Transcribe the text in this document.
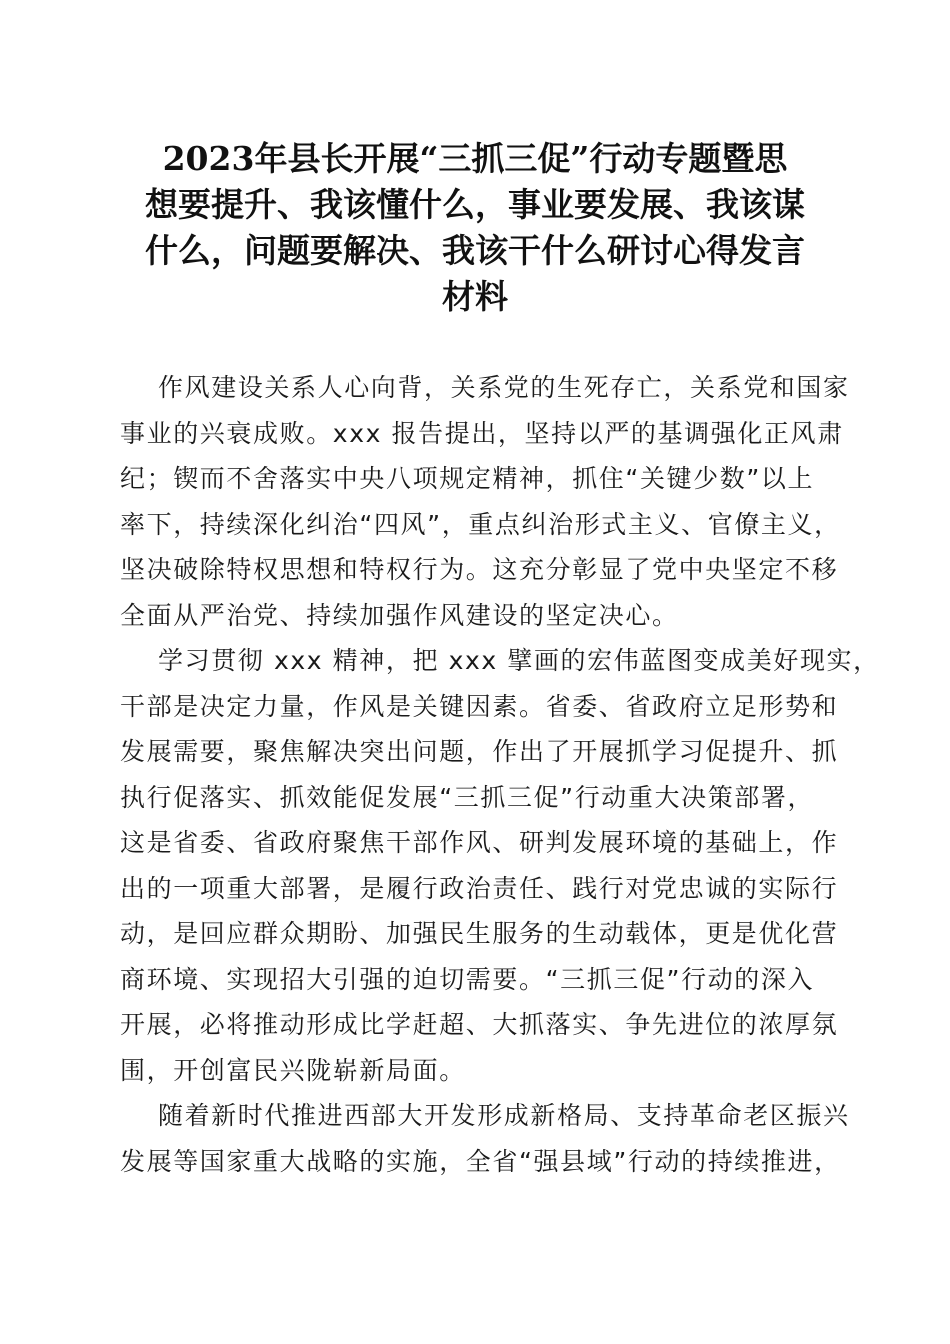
2023年县长开展“三抓三促”行动专题暨思
想要提升、我该懂什么，事业要发展、我该谋
什么，问题要解决、我该干什么研讨心得发言
材料

作风建设关系人心向背，关系党的生死存亡，关系党和国家
事业的兴衰成败。xxx 报告提出，坚持以严的基调强化正风肃
纪；锲而不舍落实中央八项规定精神，抓住“关键少数”以上
率下，持续深化纠治“四风”，重点纠治形式主义、官僚主义，
坚决破除特权思想和特权行为。这充分彰显了党中央坚定不移
全面从严治党、持续加强作风建设的坚定决心。

学习贯彻 xxx 精神，把 xxx 擘画的宏伟蓝图变成美好现实，
干部是决定力量，作风是关键因素。省委、省政府立足形势和
发展需要，聚焦解决突出问题，作出了开展抓学习促提升、抓
执行促落实、抓效能促发展“三抓三促”行动重大决策部署，
这是省委、省政府聚焦干部作风、研判发展环境的基础上，作
出的一项重大部署，是履行政治责任、践行对党忠诚的实际行
动，是回应群众期盼、加强民生服务的生动载体，更是优化营
商环境、实现招大引强的迫切需要。“三抓三促”行动的深入
开展，必将推动形成比学赶超、大抓落实、争先进位的浓厚氛
围，开创富民兴陇崭新局面。

随着新时代推进西部大开发形成新格局、支持革命老区振兴
发展等国家重大战略的实施，全省“强县域”行动的持续推进，
